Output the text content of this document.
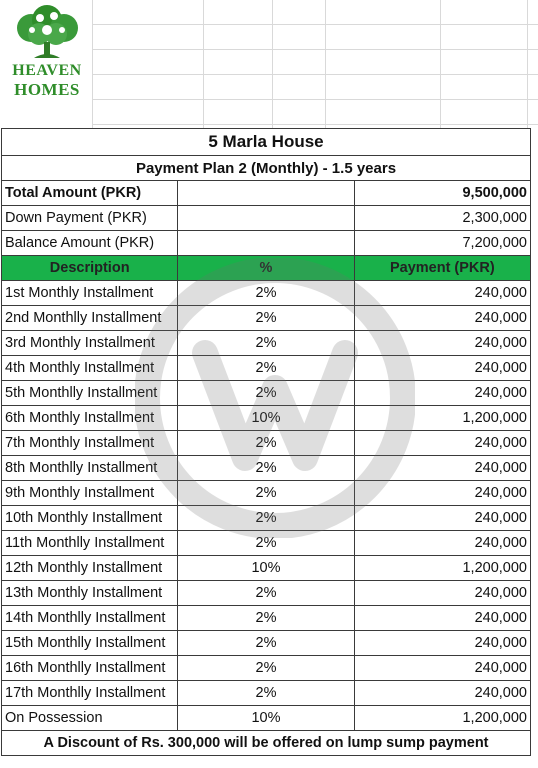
HEAVEN
HOMES
5 Marla House		
Payment Plan 2 (Monthly) - 1.5 years		
Total Amount (PKR)		9,500,000
Down Payment (PKR)		2,300,000
Balance Amount (PKR)		7,200,000
Description	%	Payment (PKR)
1st Monthly Installment	2%	240,000
2nd Monthlly Installment	2%	240,000
3rd Monthly Installment	2%	240,000
4th Monthly Installment	2%	240,000
5th Monthlly Installment	2%	240,000
6th Monthly Installment	10%	1,200,000
7th Monthly Installment	2%	240,000
8th Monthlly Installment	2%	240,000
9th Monthly Installment	2%	240,000
10th Monthly Installment	2%	240,000
11th Monthlly Installment	2%	240,000
12th Monthly Installment	10%	1,200,000
13th Monthly Installment	2%	240,000
14th Monthlly Installment	2%	240,000
15th Monthlly Installment	2%	240,000
16th Monthlly Installment	2%	240,000
17th Monthlly Installment	2%	240,000
On Possession	10%	1,200,000
A Discount of Rs. 300,000 will be offered on lump sump payment		
